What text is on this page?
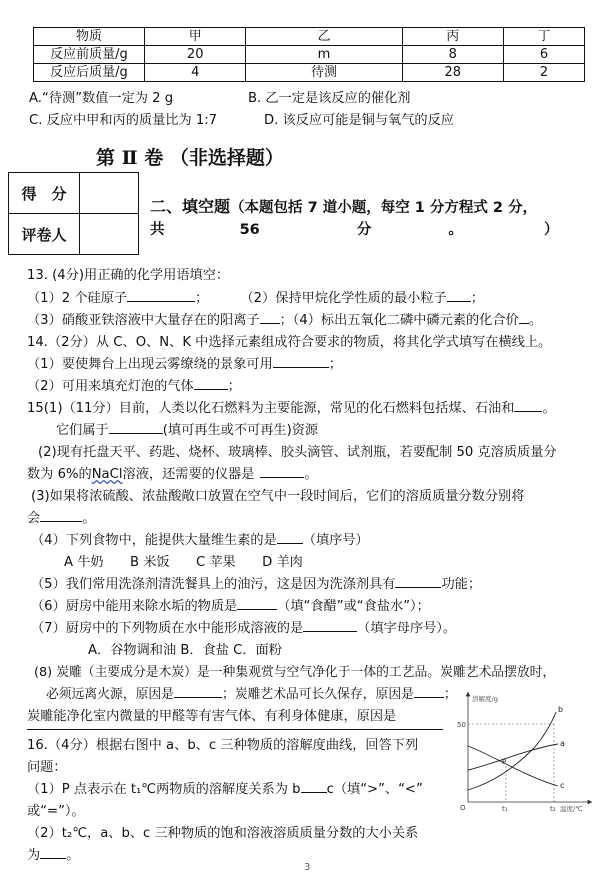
物质	甲	乙	丙	丁
反应前质量/g	20	m	8	6
反应后质量/g	4	待测	28	2
A.“待测”数值一定为 2 g	B. 乙一定是该反应的催化剂
C. 反应中甲和丙的质量比为 1:7	D. 该反应可能是铜与氧气的反应
第 Ⅱ 卷 （非选择题）
得　分	
评卷人	
二、填空题（本题包括 7 道小题，每空 1 分方程式 2 分，
共	56	分	。	）
13. (4分)用正确的化学用语填空：
（1）2 个硅原子	； （2）保持甲烷化学性质的最小粒子 ；
（3）硝酸亚铁溶液中大量存在的阳离子 ；（4）标出五氧化二磷中磷元素的化合价 。
14.（2分）从 C、O、N、K 中选择元素组成符合要求的物质，将其化学式填写在横线上。
（1）要使舞台上出现云雾缭绕的景象可用	；
（2）可用来填充灯泡的气体	；
15(1)（11分）目前，人类以化石燃料为主要能源，常见的化石燃料包括煤、石油和 。
它们属于	(填可再生或不可再生)资源
(2)现有托盘天平、药匙、烧杯、玻璃棒、胶头滴管、试剂瓶，若要配制 50 克溶质质量分
数为 6%的NaCl溶液，还需要的仪器是	。
(3)如果将浓硫酸、浓盐酸敞口放置在空气中一段时间后，它们的溶质质量分数分别将
会	。
（4）下列食物中，能提供大量维生素的是 （填序号）
A 牛奶　　B 米饭　　C 苹果　　D 羊肉
（5）我们常用洗涤剂清洗餐具上的油污，这是因为洗涤剂具有	功能；
（6）厨房中能用来除水垢的物质是	（填“食醋”或“食盐水”）；
（7）厨房中的下列物质在水中能形成溶液的是	（填字母序号）。
A．谷物调和油 B．食盐 C．面粉
(8) 炭雕（主要成分是木炭）是一种集观赏与空气净化于一体的工艺品。炭雕艺术品摆放时，
必须远离火源，原因是	；炭雕艺术品可长久保存，原因是 ；
炭雕能净化室内微量的甲醛等有害气体、有利身体健康，原因是
16.（4分）根据右图中 a、b、c 三种物质的溶解度曲线，回答下列
问题：
（1）P 点表示在 t₁℃两物质的溶解度关系为 b c（填“>”、“<”
或“=”）。
（2）t₂℃，a、b、c 三种物质的饱和溶液溶质质量分数的大小关系
为 。
溶解度/g
50
b
a
c
P
O	t₁	t₂ 温度/℃
3
